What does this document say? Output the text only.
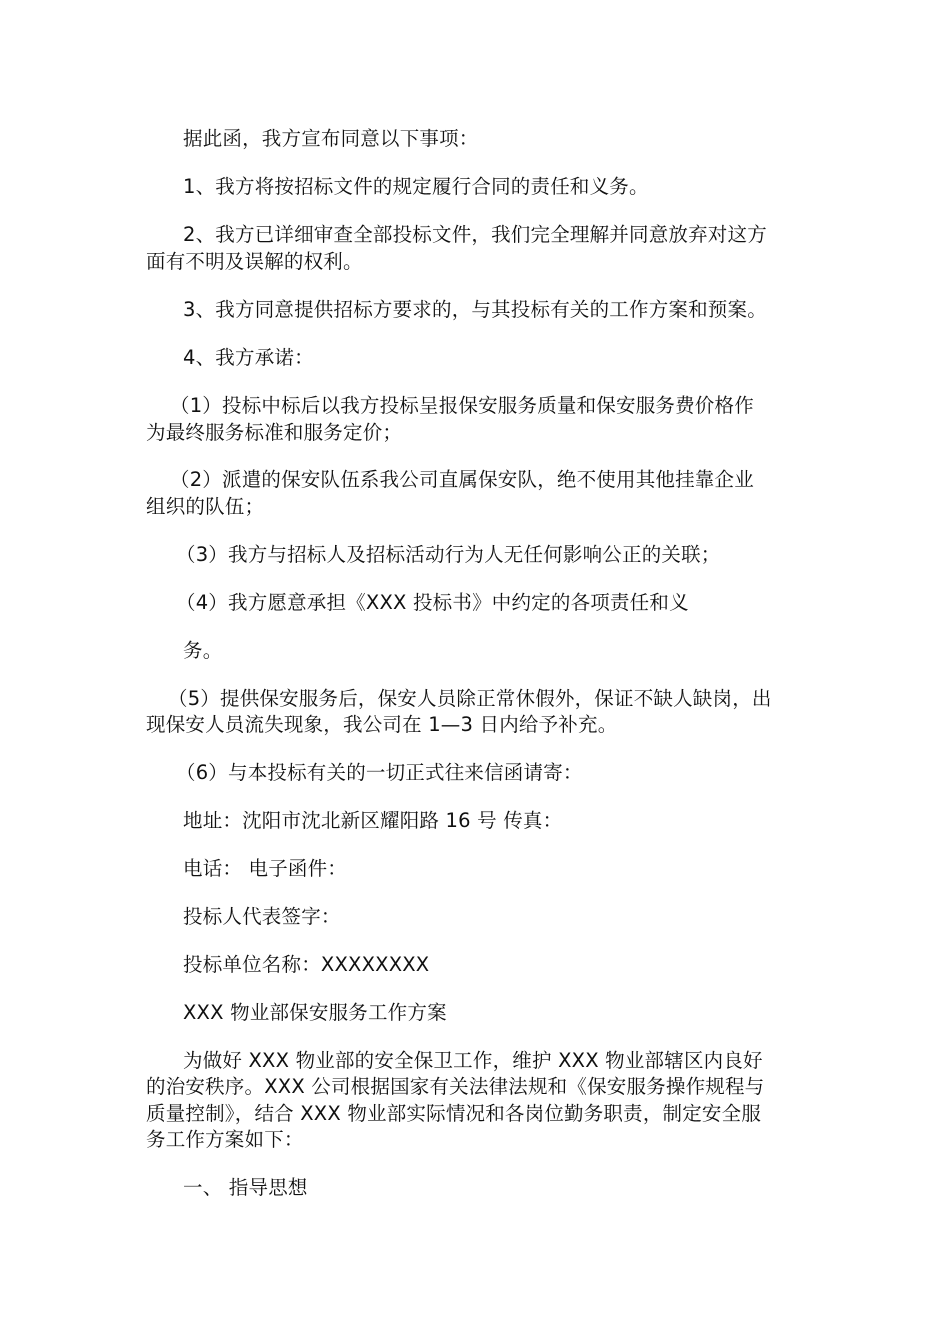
据此函，我方宣布同意以下事项：
1、我方将按招标文件的规定履行合同的责任和义务。
2、我方已详细审查全部投标文件，我们完全理解并同意放弃对这方
面有不明及误解的权利。
3、我方同意提供招标方要求的，与其投标有关的工作方案和预案。
4、我方承诺：
（1）投标中标后以我方投标呈报保安服务质量和保安服务费价格作
为最终服务标准和服务定价；
（2）派遣的保安队伍系我公司直属保安队，绝不使用其他挂靠企业
组织的队伍；
（3）我方与招标人及招标活动行为人无任何影响公正的关联；
（4）我方愿意承担《XXX 投标书》中约定的各项责任和义
务。
（5）提供保安服务后，保安人员除正常休假外，保证不缺人缺岗，出
现保安人员流失现象，我公司在 1—3 日内给予补充。
（6）与本投标有关的一切正式往来信函请寄：
地址：沈阳市沈北新区耀阳路 16 号 传真：
电话： 电子函件：
投标人代表签字：
投标单位名称：XXXXXXXX
XXX 物业部保安服务工作方案
为做好 XXX 物业部的安全保卫工作，维护 XXX 物业部辖区内良好
的治安秩序。XXX 公司根据国家有关法律法规和《保安服务操作规程与
质量控制》，结合 XXX 物业部实际情况和各岗位勤务职责，制定安全服
务工作方案如下：
一、 指导思想
